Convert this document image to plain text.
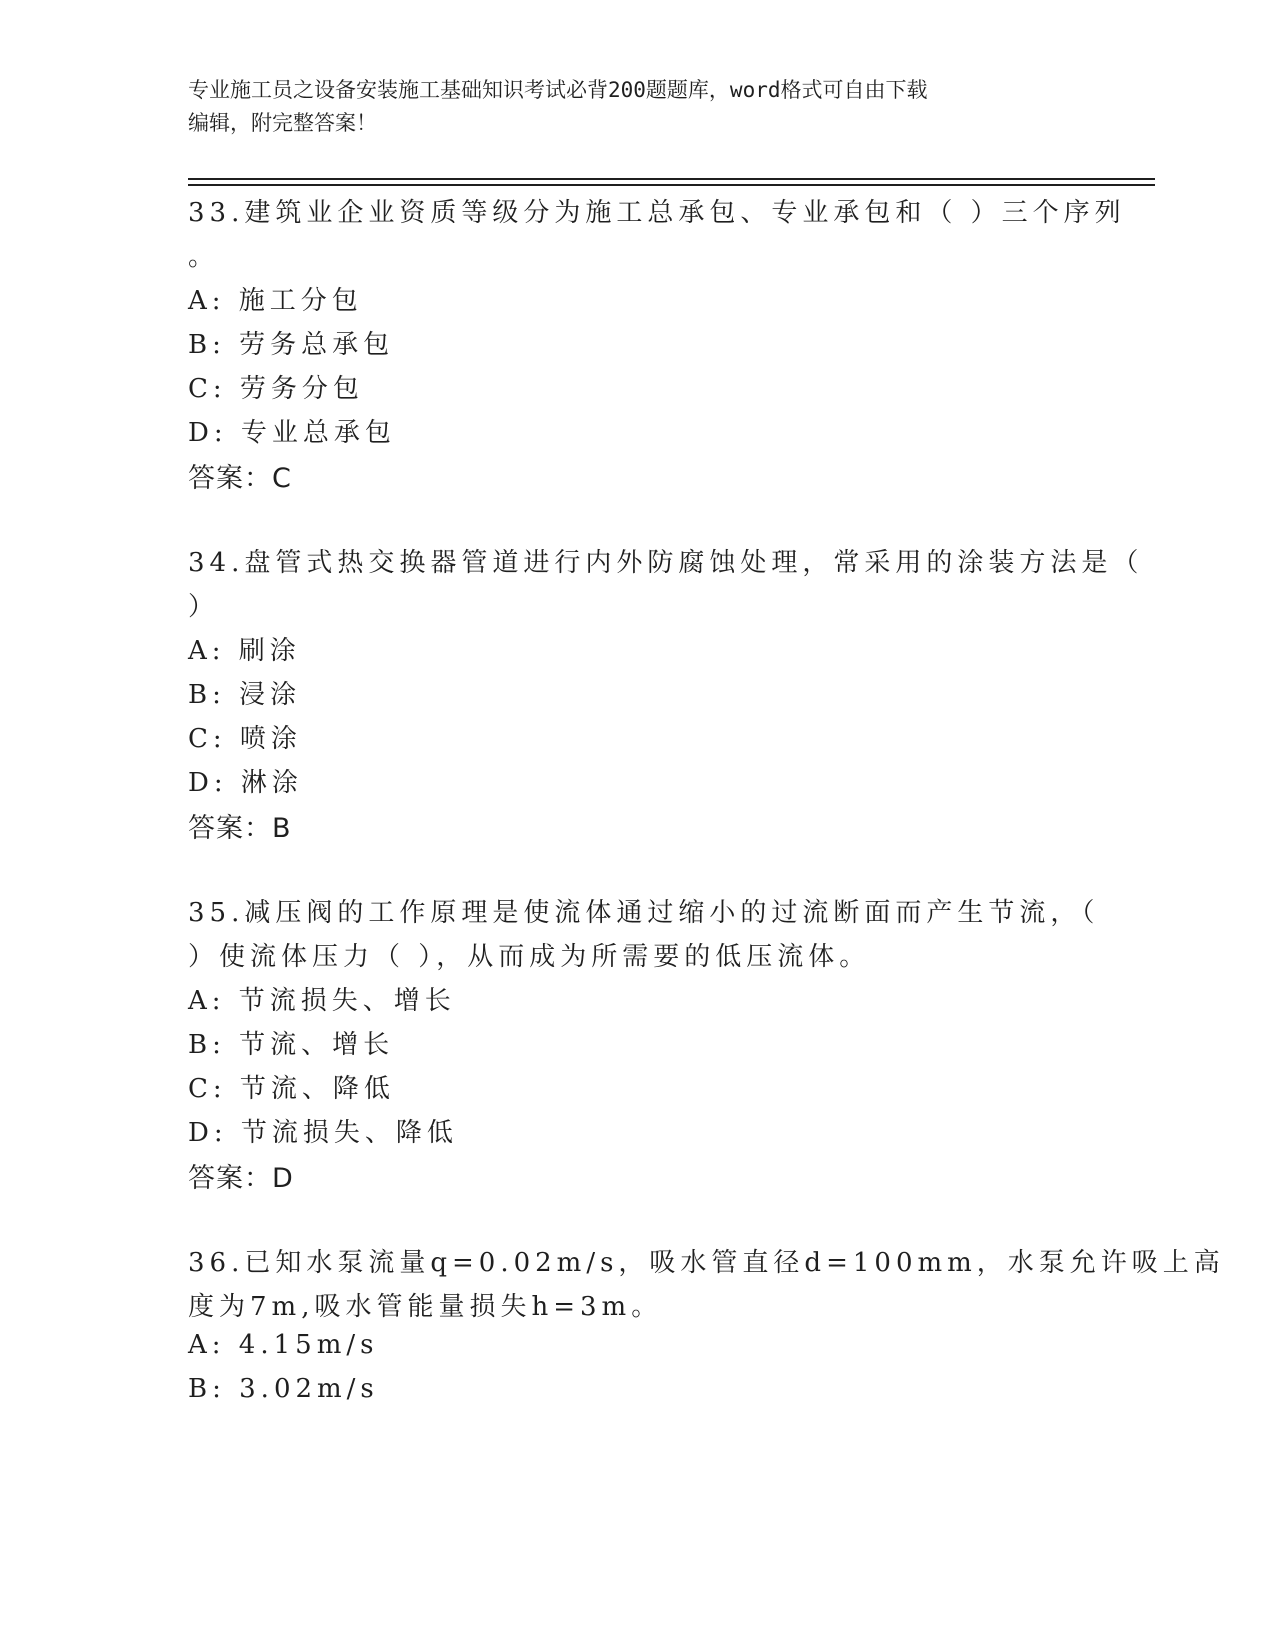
专业施工员之设备安装施工基础知识考试必背200题题库，word格式可自由下载
编辑，附完整答案！
33.建筑业企业资质等级分为施工总承包、专业承包和（ ）三个序列
。
A: 施工分包
B: 劳务总承包
C: 劳务分包
D: 专业总承包
答案：C
34.盘管式热交换器管道进行内外防腐蚀处理，常采用的涂装方法是（
）
A: 刷涂
B: 浸涂
C: 喷涂
D: 淋涂
答案：B
35.减压阀的工作原理是使流体通过缩小的过流断面而产生节流，（
）使流体压力（ ），从而成为所需要的低压流体。
A: 节流损失、增长
B: 节流、增长
C: 节流、降低
D: 节流损失、降低
答案：D
36.已知水泵流量q=0.02m/s，吸水管直径d=100mm，水泵允许吸上高
度为7m,吸水管能量损失h=3m。
A: 4.15m/s
B: 3.02m/s
